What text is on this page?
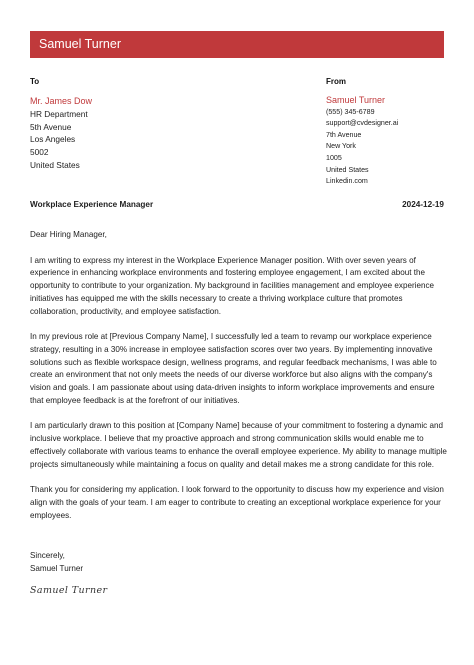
Samuel Turner
To	From
Mr. James Dow
HR Department
5th Avenue
Los Angeles
5002
United States
Samuel Turner
(555) 345-6789
support@cvdesigner.ai
7th Avenue
New York
1005
United States
Linkedin.com
Workplace Experience Manager	2024-12-19

Dear Hiring Manager,

I am writing to express my interest in the Workplace Experience Manager position. With over seven years of experience in enhancing workplace environments and fostering employee engagement, I am excited about the opportunity to contribute to your organization. My background in facilities management and employee experience initiatives has equipped me with the skills necessary to create a thriving workplace culture that promotes collaboration, productivity, and employee satisfaction.

In my previous role at [Previous Company Name], I successfully led a team to revamp our workplace experience strategy, resulting in a 30% increase in employee satisfaction scores over two years. By implementing innovative solutions such as flexible workspace design, wellness programs, and regular feedback mechanisms, I was able to create an environment that not only meets the needs of our diverse workforce but also aligns with the company's vision and goals. I am passionate about using data-driven insights to inform workplace improvements and ensure that employee feedback is at the forefront of our initiatives.

I am particularly drawn to this position at [Company Name] because of your commitment to fostering a dynamic and inclusive workplace. I believe that my proactive approach and strong communication skills would enable me to effectively collaborate with various teams to enhance the overall employee experience. My ability to manage multiple projects simultaneously while maintaining a focus on quality and detail makes me a strong candidate for this role.

Thank you for considering my application. I look forward to the opportunity to discuss how my experience and vision align with the goals of your team. I am eager to contribute to creating an exceptional workplace experience for your employees.

Sincerely,
Samuel Turner
Samuel Turner
